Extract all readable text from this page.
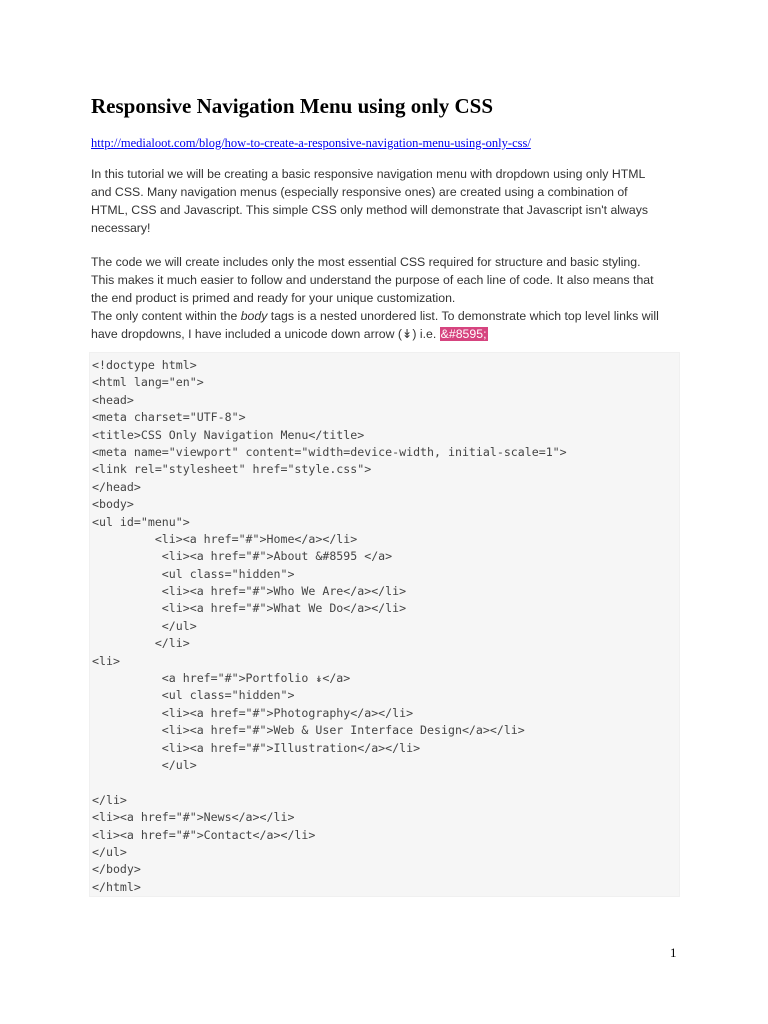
Responsive Navigation Menu using only CSS
http://medialoot.com/blog/how-to-create-a-responsive-navigation-menu-using-only-css/

In this tutorial we will be creating a basic responsive navigation menu with dropdown using only HTML
and CSS. Many navigation menus (especially responsive ones) are created using a combination of
HTML, CSS and Javascript. This simple CSS only method will demonstrate that Javascript isn't always
necessary!

The code we will create includes only the most essential CSS required for structure and basic styling.
This makes it much easier to follow and understand the purpose of each line of code. It also means that
the end product is primed and ready for your unique customization.
The only content within the body tags is a nested unordered list. To demonstrate which top level links will
have dropdowns, I have included a unicode down arrow (↡) i.e. &#8595;

<!doctype html>
<html lang="en">
<head>
<meta charset="UTF-8">
<title>CSS Only Navigation Menu</title>
<meta name="viewport" content="width=device-width, initial-scale=1">
<link rel="stylesheet" href="style.css">
</head>
<body>
<ul id="menu">
<li><a href="#">Home</a></li>
<li><a href="#">About &#8595 </a>
<ul class="hidden">
<li><a href="#">Who We Are</a></li>
<li><a href="#">What We Do</a></li>
</ul>
</li>
<li>
<a href="#">Portfolio ↡</a>
<ul class="hidden">
<li><a href="#">Photography</a></li>
<li><a href="#">Web & User Interface Design</a></li>
<li><a href="#">Illustration</a></li>
</ul>
</li>
<li><a href="#">News</a></li>
<li><a href="#">Contact</a></li>
</ul>
</body>
</html>
1
